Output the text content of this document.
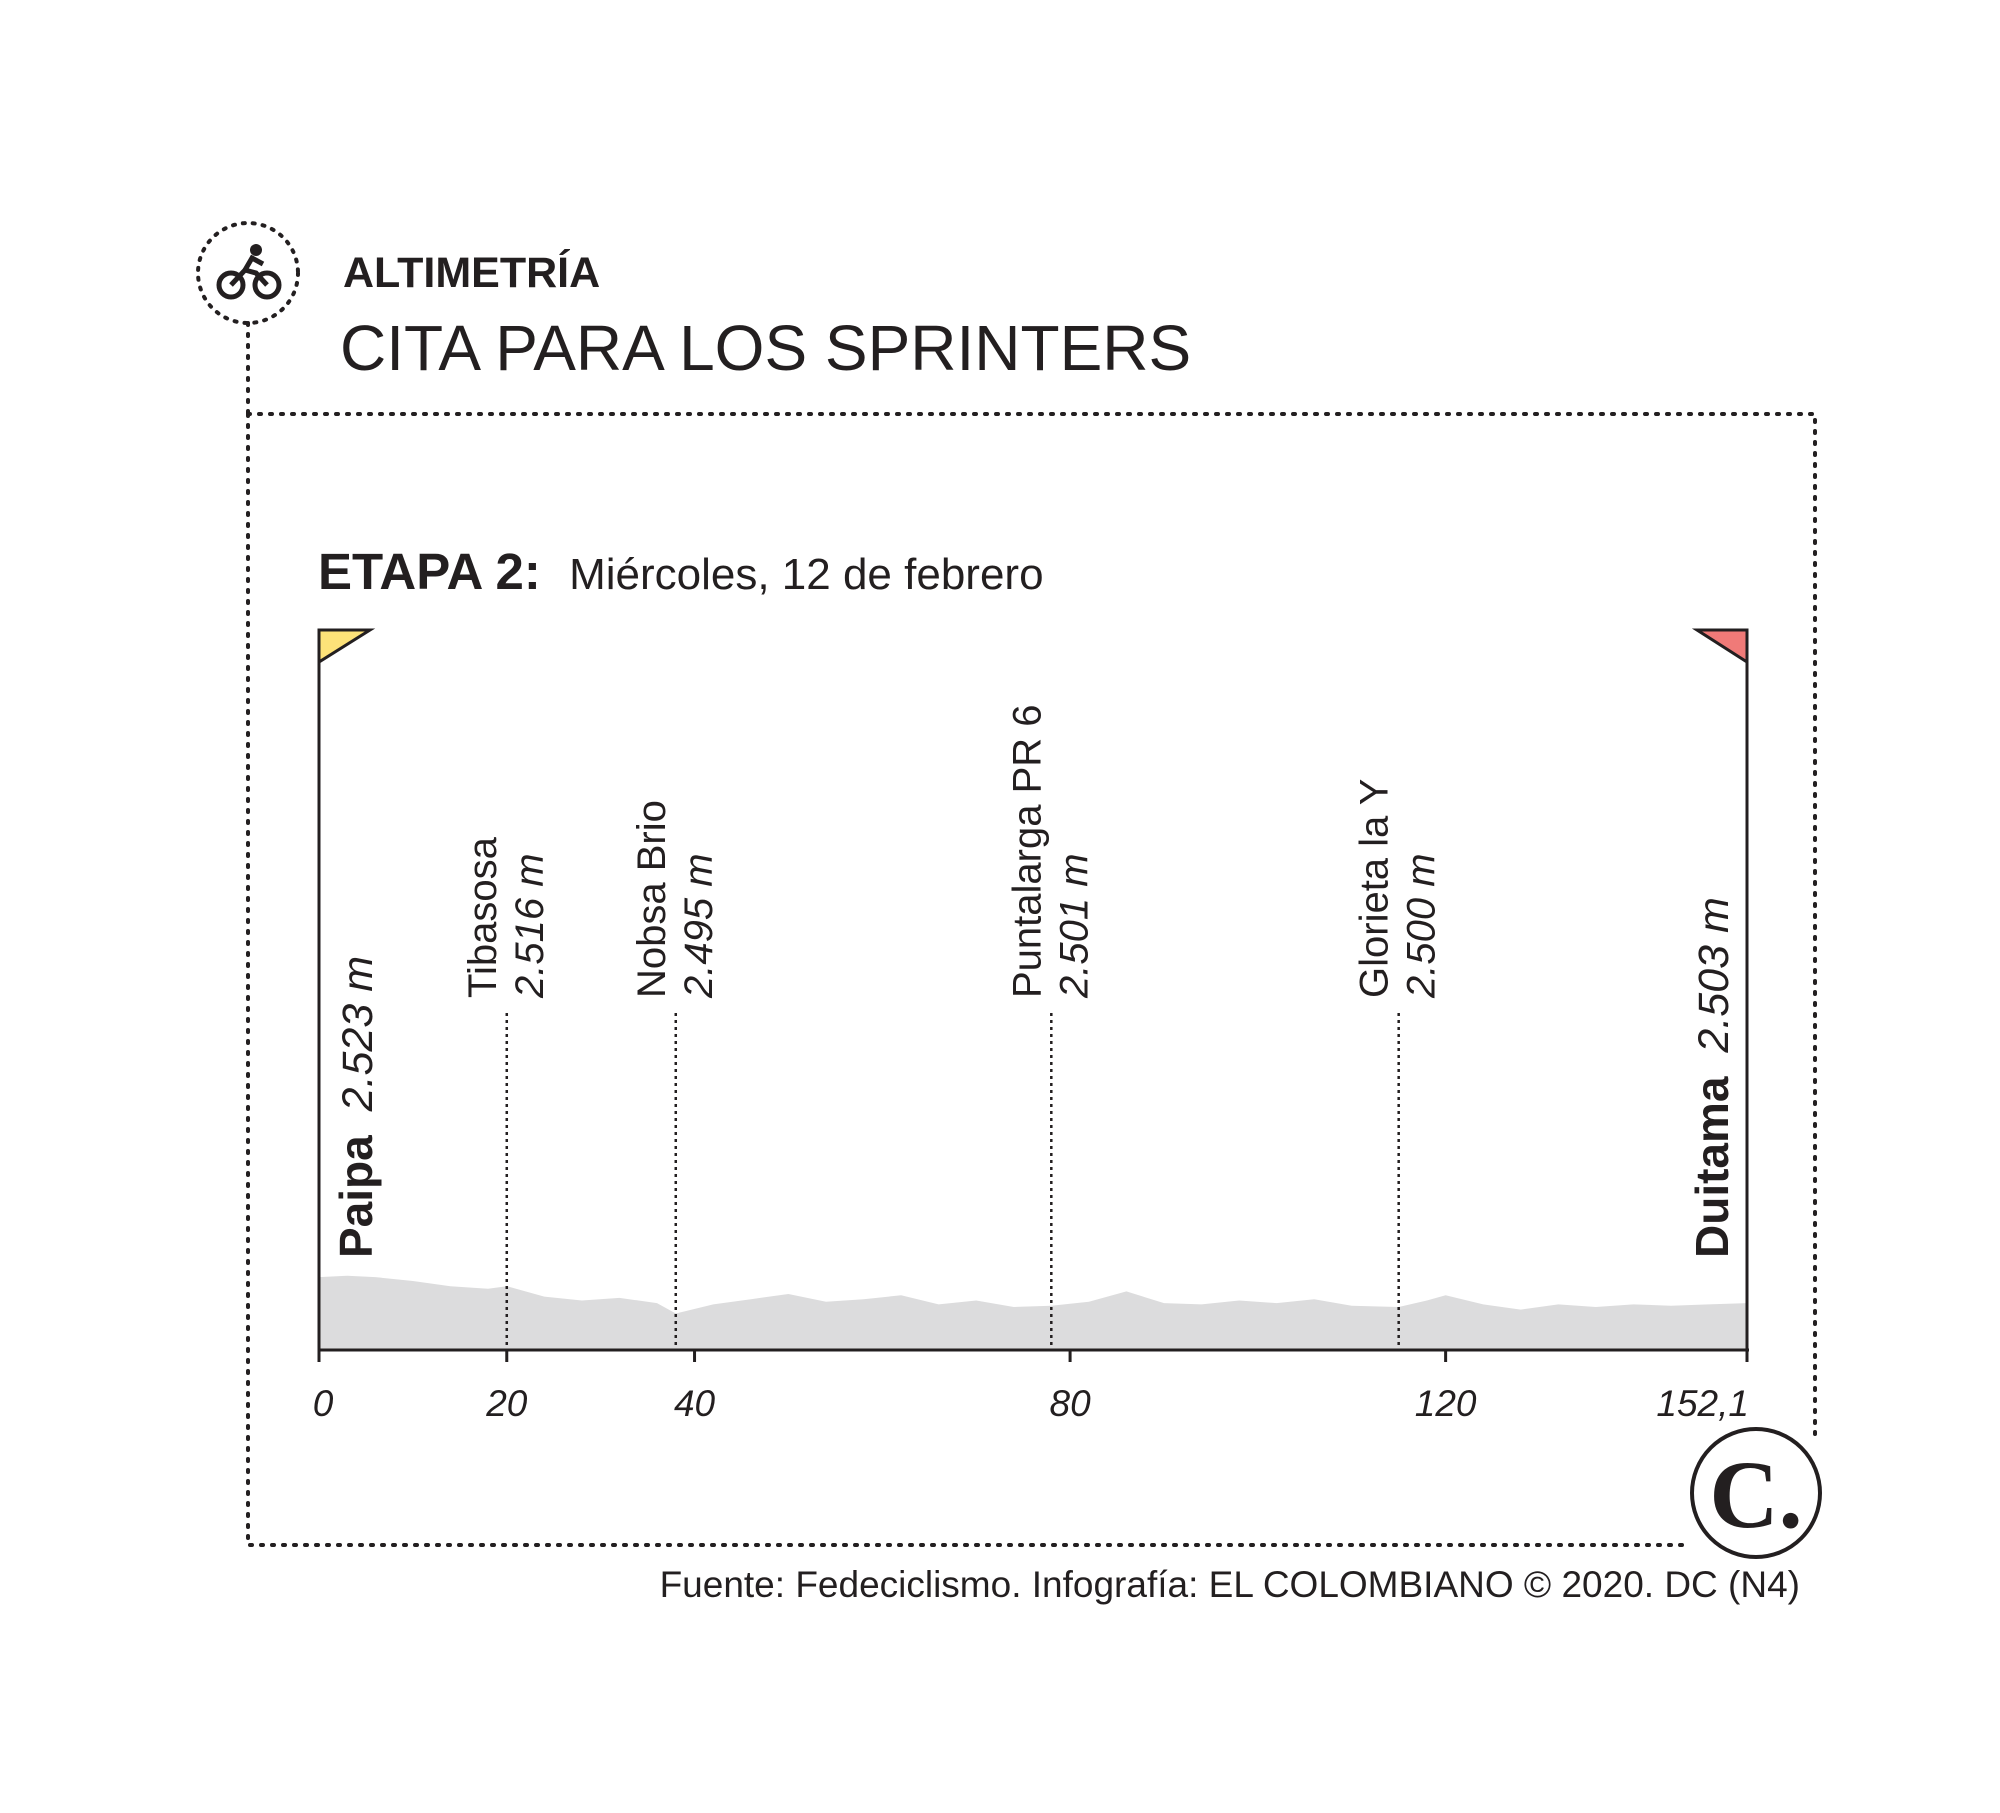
ALTIMETRÍA
CITA PARA LOS SPRINTERS
ETAPA 2: Miércoles, 12 de febrero
0	20	40	80	120	152,1
Tibasosa 2.516 m Nobsa Brio 2.495 m	Puntalarga PR 6 2.501 m	Glorieta la Y 2.500 m
Paipa 2.523 m
Duitama 2.503 m
C.
Fuente: Fedeciclismo. Infografía: EL COLOMBIANO © 2020. DC (N4)
